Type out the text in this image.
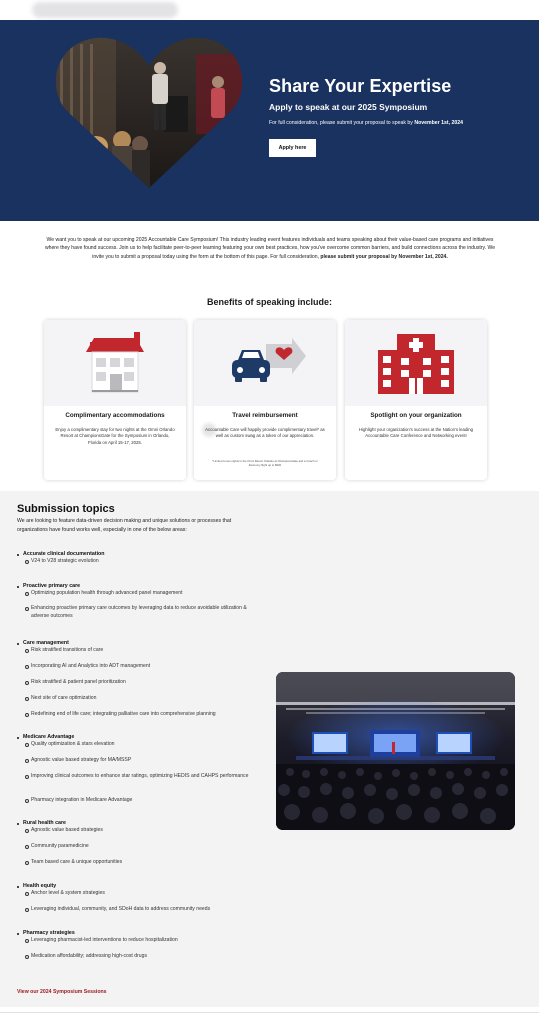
Share Your Expertise

Apply to speak at our 2025 Symposium

For full consideration, please submit your proposal to speak by November 1st, 2024

Apply here

We want you to speak at our upcoming 2025 Accountable Care Symposium! This industry leading event features individuals and teams speaking about their value-based care programs and initiatives where they have found success. Join us to help facilitate peer-to-peer learning featuring your own best practices, how you've overcome common barriers, and build connections across the industry. We invite you to submit a proposal today using the form at the bottom of this page. For full consideration, please submit your proposal by November 1st, 2024.

Benefits of speaking include:
Complimentary accommodations
Enjoy a complimentary stay for two nights at the Omni Orlando Resort at ChampionsGate for the Symposium in Orlando, Florida on April 15-17, 2025.
Travel reimbursement
Accountable Care will happily provide complimentary travel* as well as custom swag as a token of our appreciation.
*Limited to two nights in the Omni Resort Orlando at ChampionsGate and a Coach or Economy flight up to $600
Spotlight on your organization
Highlight your organization's success at the Nation's leading Accountable Care Conference and Networking event!
Submission topics

We are looking to feature data-driven decision making and unique solutions or processes that organizations have found works well, especially in one of the below areas:

Accurate clinical documentation
V24 to V28 strategic evolution
Proactive primary care
Optimizing population health through advanced panel management
Enhancing proactive primary care outcomes by leveraging data to reduce avoidable utilization & adverse outcomes
Care management
Risk stratified transitions of care
Incorporating AI and Analytics into ADT management
Risk stratified & patient panel prioritization
Next site of care optimization
Redefining end of life care; integrating palliative care into comprehensive planning
Medicare Advantage
Quality optimization & stars elevation
Agnostic value based strategy for MA/MSSP
Improving clinical outcomes to enhance star ratings, optimizing HEDIS and CAHPS performance
Pharmacy integration in Medicare Advantage
Rural health care
Agnostic value based strategies
Community paramedicine
Team based care & unique opportunities
Health equity
Anchor level & system strategies
Leveraging individual, community, and SDoH data to address community needs
Pharmacy strategies
Leveraging pharmacist-led interventions to reduce hospitalization
Medication affordability; addressing high-cost drugs
View our 2024 Symposium Sessions
